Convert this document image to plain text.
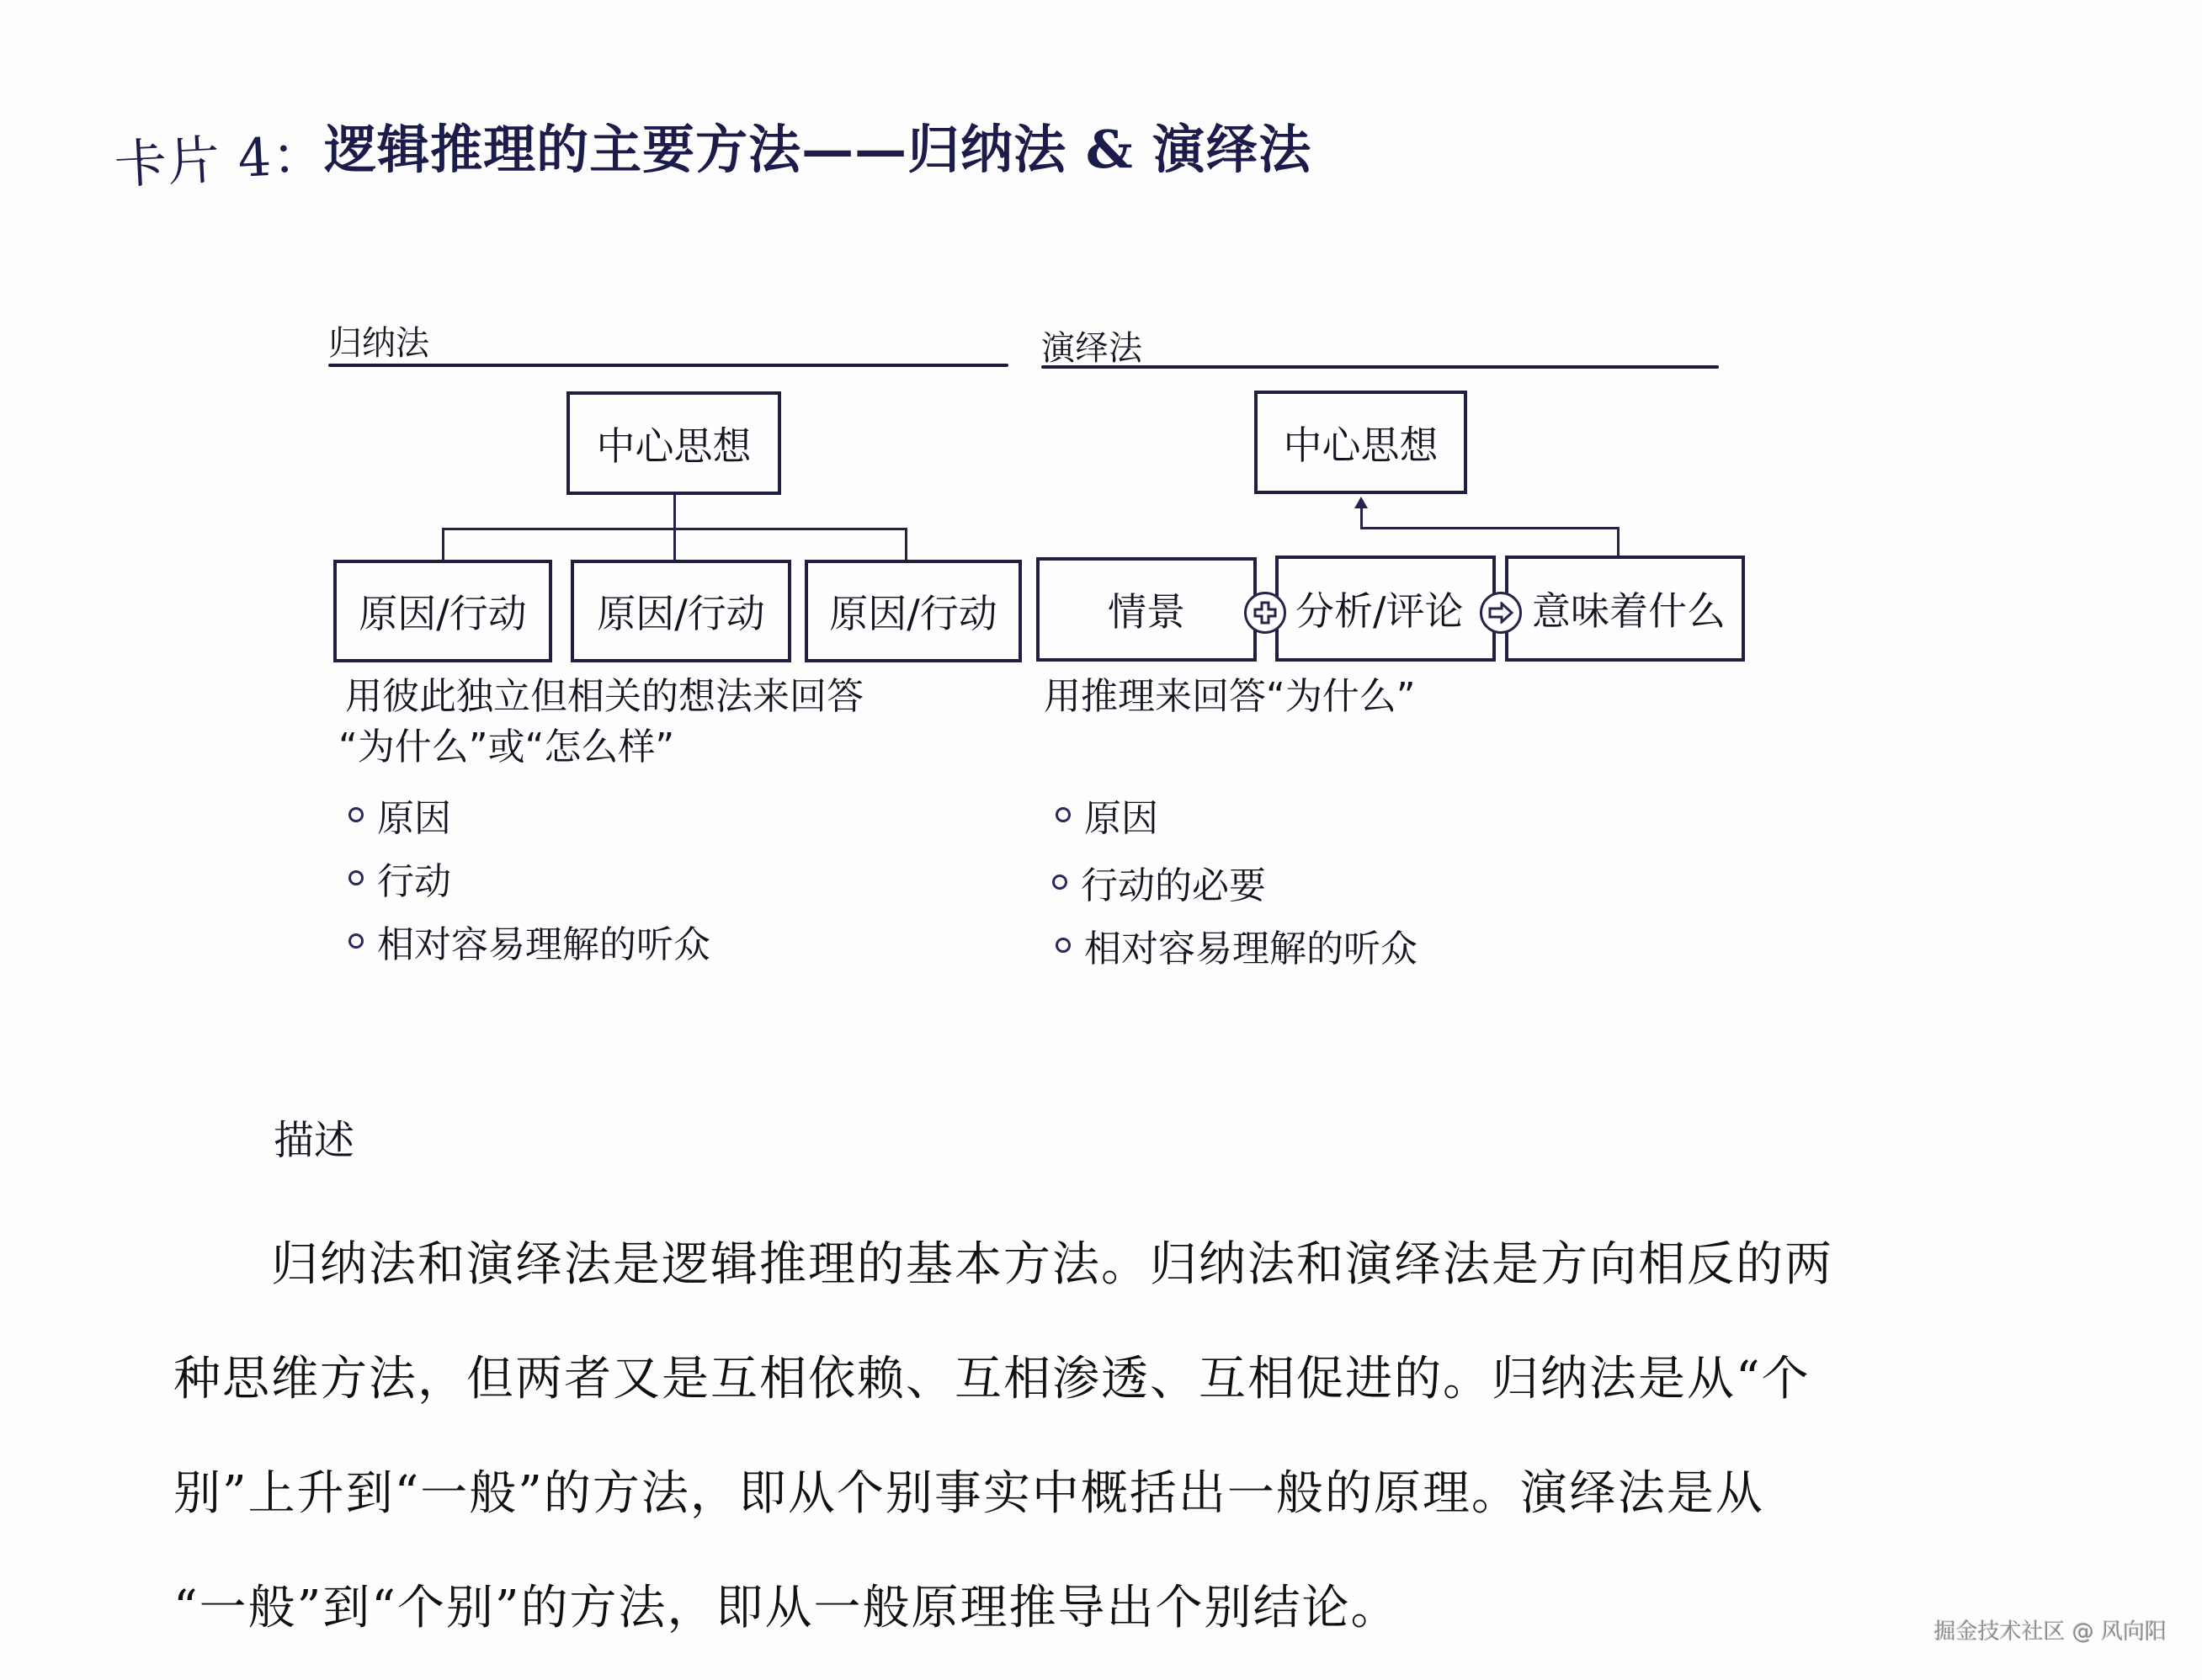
卡片 4：逻辑推理的主要方法——归纳法 & 演绎法
归纳法
中心思想
原因/行动	原因/行动	原因/行动
用彼此独立但相关的想法来回答
“为什么”或“怎么样”
原因
行动
相对容易理解的听众
演绎法
中心思想
情景	分析/评论	意味着什么
用推理来回答“为什么”
原因
行动的必要
相对容易理解的听众
描述
归纳法和演绎法是逻辑推理的基本方法。归纳法和演绎法是方向相反的两
种思维方法，但两者又是互相依赖、互相渗透、互相促进的。归纳法是从“个
别”上升到“一般”的方法，即从个别事实中概括出一般的原理。演绎法是从
“一般”到“个别”的方法，即从一般原理推导出个别结论。	掘金技术社区 @ 风向阳
